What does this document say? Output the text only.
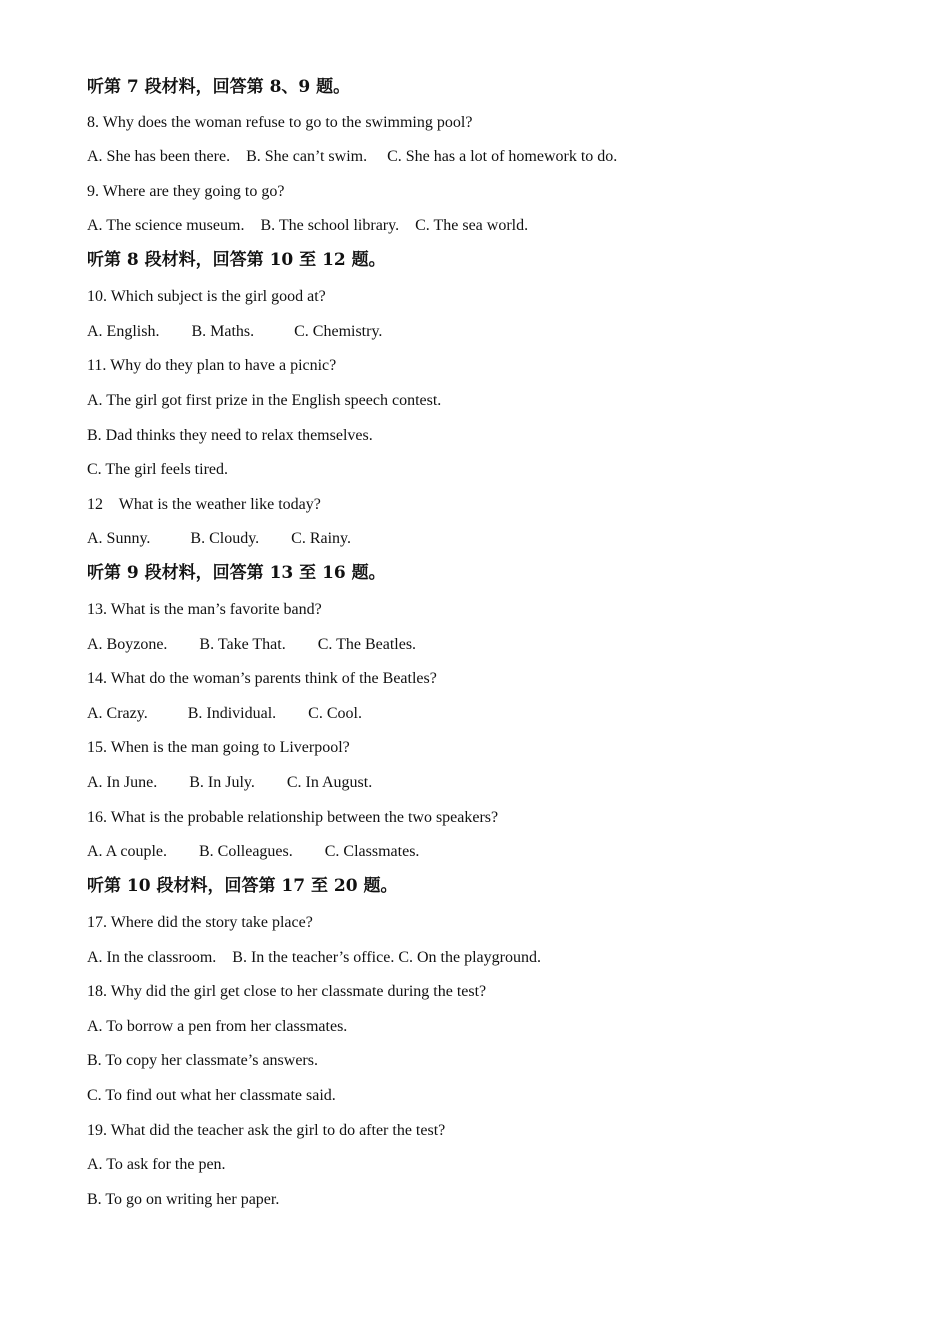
听第 7 段材料，回答第 8、9 题。
8. Why does the woman refuse to go to the swimming pool?
A. She has been there.    B. She can’t swim.     C. She has a lot of homework to do.
9. Where are they going to go?
A. The science museum.    B. The school library.    C. The sea world.
听第 8 段材料，回答第 10 至 12 题。
10. Which subject is the girl good at?
A. English.        B. Maths.          C. Chemistry.
11. Why do they plan to have a picnic?
A. The girl got first prize in the English speech contest.
B. Dad thinks they need to relax themselves.
C. The girl feels tired.
12    What is the weather like today?
A. Sunny.          B. Cloudy.        C. Rainy.
听第 9 段材料，回答第 13 至 16 题。
13. What is the man’s favorite band?
A. Boyzone.        B. Take That.        C. The Beatles.
14. What do the woman’s parents think of the Beatles?
A. Crazy.          B. Individual.        C. Cool.
15. When is the man going to Liverpool?
A. In June.        B. In July.        C. In August.
16. What is the probable relationship between the two speakers?
A. A couple.        B. Colleagues.        C. Classmates.
听第 10 段材料，回答第 17 至 20 题。
17. Where did the story take place?
A. In the classroom.    B. In the teacher’s office. C. On the playground.
18. Why did the girl get close to her classmate during the test?
A. To borrow a pen from her classmates.
B. To copy her classmate’s answers.
C. To find out what her classmate said.
19. What did the teacher ask the girl to do after the test?
A. To ask for the pen.
B. To go on writing her paper.
